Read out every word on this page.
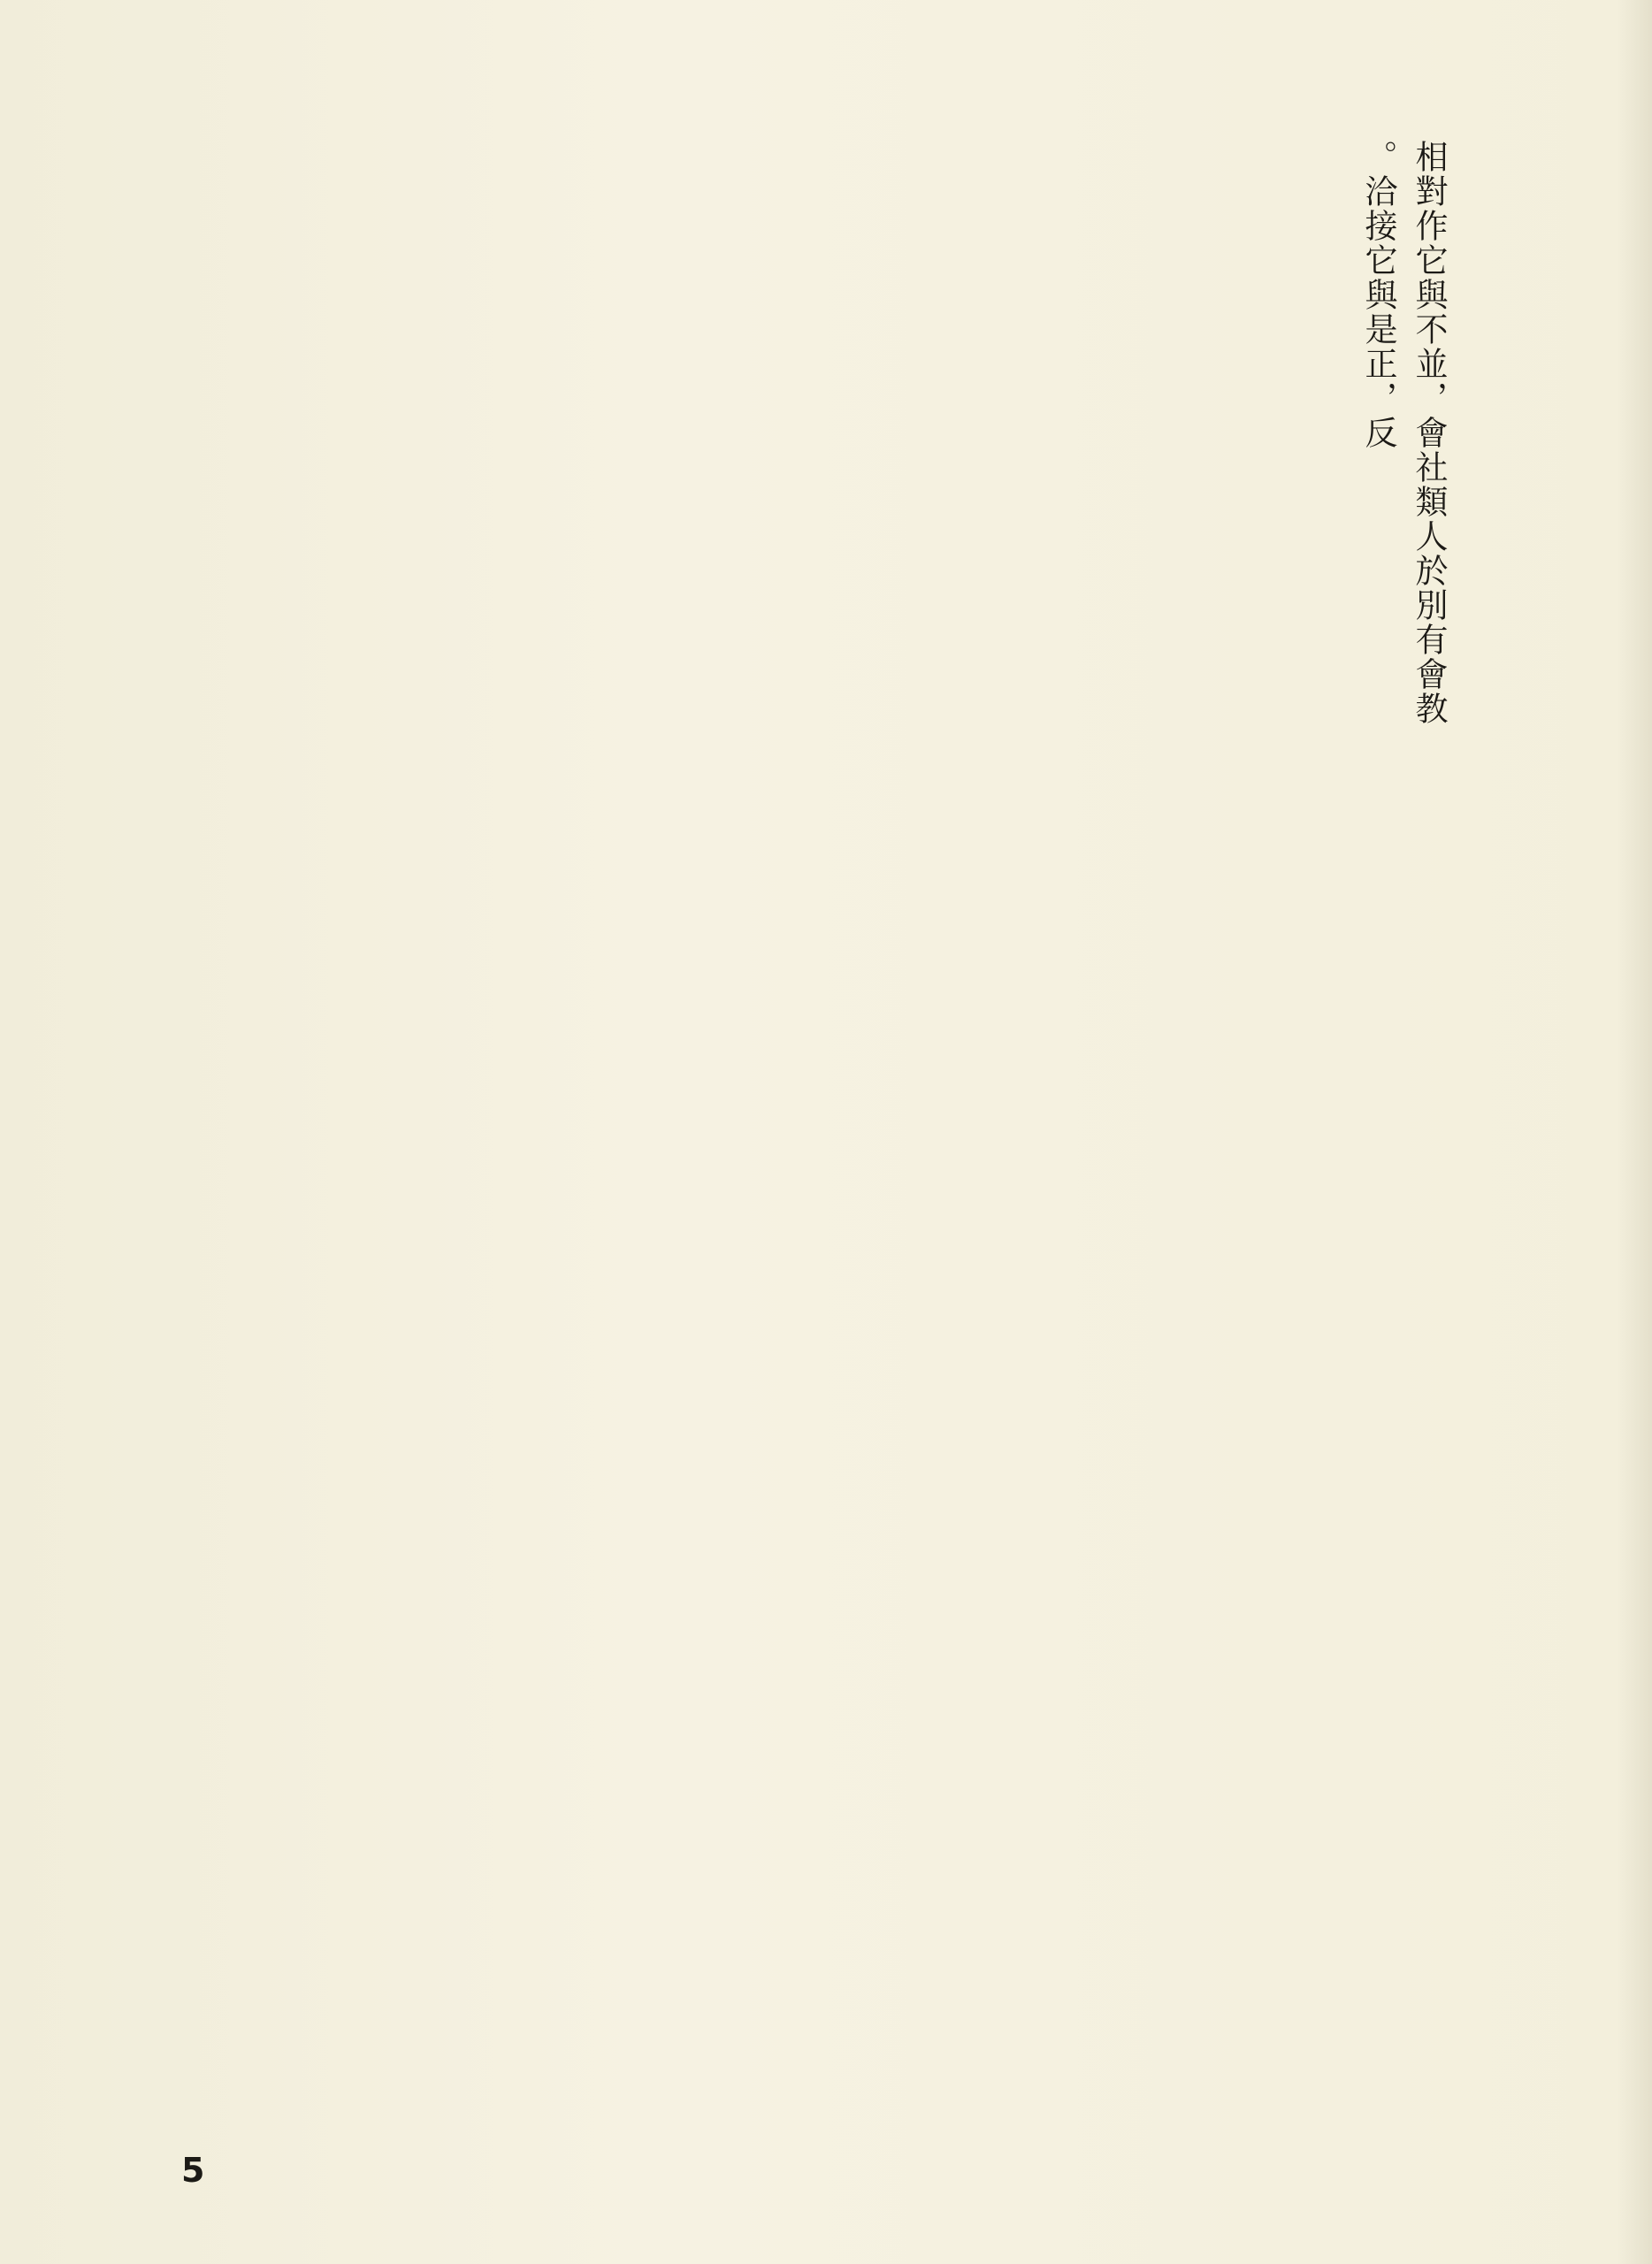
相對作它與不並，會社類人於別有會教
。洽接它與是正，反

5
